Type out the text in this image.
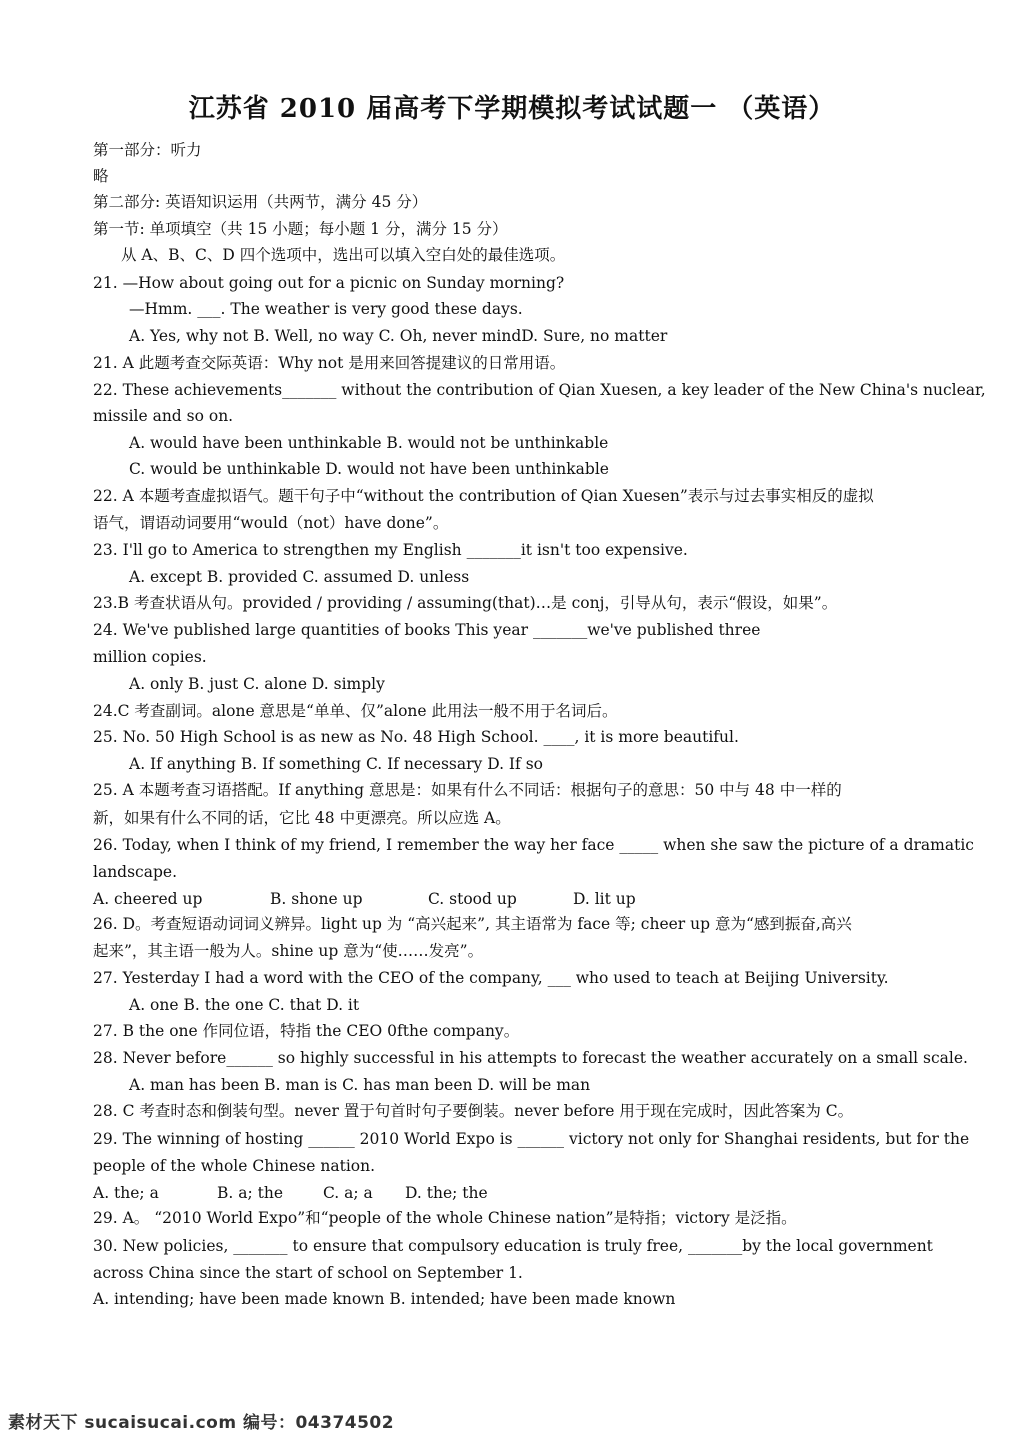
江苏省 2010 届高考下学期模拟考试试题一 （英语）
第一部分：听力
略
第二部分: 英语知识运用（共两节，满分 45 分）
第一节: 单项填空（共 15 小题；每小题 1 分，满分 15 分）
从 A、B、C、D 四个选项中，选出可以填入空白处的最佳选项。
21. —How about going out for a picnic on Sunday morning?
—Hmm. ___. The weather is very good these days.
A. Yes, why not B. Well, no way C. Oh, never mindD. Sure, no matter
21. A 此题考查交际英语：Why not 是用来回答提建议的日常用语。
22. These achievements_______ without the contribution of Qian Xuesen, a key leader of the New China's nuclear,
missile and so on.
A. would have been unthinkable B. would not be unthinkable
C. would be unthinkable D. would not have been unthinkable
22. A 本题考查虚拟语气。题干句子中“without the contribution of Qian Xuesen”表示与过去事实相反的虚拟
语气，谓语动词要用“would（not）have done”。
23. I'll go to America to strengthen my English _______it isn't too expensive.
A. except B. provided C. assumed D. unless
23.B 考查状语从句。provided / providing / assuming(that)…是 conj，引导从句，表示“假设，如果”。
24. We've published large quantities of books This year _______we've published three
million copies.
A. only B. just C. alone D. simply
24.C 考查副词。alone 意思是“单单、仅”alone 此用法一般不用于名词后。
25. No. 50 High School is as new as No. 48 High School. ____, it is more beautiful.
A. If anything B. If something C. If necessary D. If so
25. A 本题考查习语搭配。If anything 意思是：如果有什么不同话：根据句子的意思：50 中与 48 中一样的
新，如果有什么不同的话，它比 48 中更漂亮。所以应选 A。
26. Today, when I think of my friend, I remember the way her face _____ when she saw the picture of a dramatic
landscape.
A. cheered up	B. shone up	C. stood up	D. lit up
26. D。考查短语动词词义辨异。light up 为 “高兴起来”, 其主语常为 face 等; cheer up 意为“感到振奋,高兴
起来”，其主语一般为人。shine up 意为“使……发亮”。
27. Yesterday I had a word with the CEO of the company, ___ who used to teach at Beijing University.
A. one B. the one C. that D. it
27. B the one 作同位语，特指 the CEO 0fthe company。
28. Never before______ so highly successful in his attempts to forecast the weather accurately on a small scale.
A. man has been B. man is C. has man been D. will be man
28. C 考查时态和倒装句型。never 置于句首时句子要倒装。never before 用于现在完成时，因此答案为 C。
29. The winning of hosting ______ 2010 World Expo is ______ victory not only for Shanghai residents, but for the
people of the whole Chinese nation.
A. the; a	B. a; the	C. a; a D. the; the
29. A。 “2010 World Expo”和“people of the whole Chinese nation”是特指；victory 是泛指。
30. New policies, _______ to ensure that compulsory education is truly free, _______by the local government
across China since the start of school on September 1.
A. intending; have been made known B. intended; have been made known
素材天下 sucaisucai.com 编号：04374502
